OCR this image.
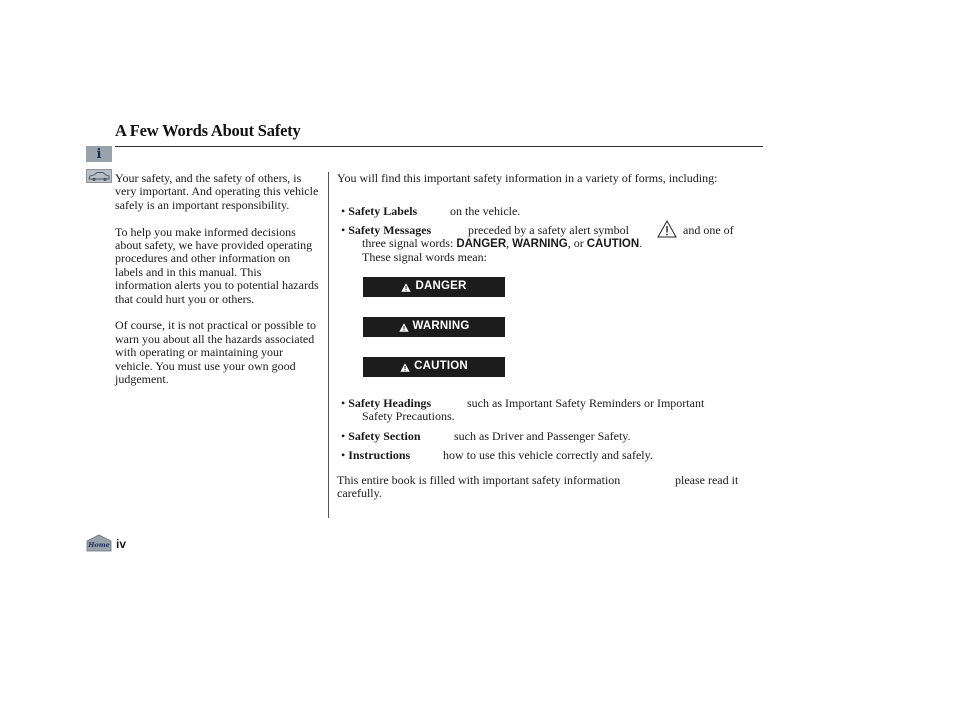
A Few Words About Safety
i

Your safety, and the safety of others, is very important. And operating this vehicle safely is an important responsibility.

To help you make informed decisions about safety, we have provided operating procedures and other information on labels and in this manual. This information alerts you to potential hazards that could hurt you or others.

Of course, it is not practical or possible to warn you about all the hazards associated with operating or maintaining your vehicle. You must use your own good judgement.

You will find this important safety information in a variety of forms, including:

• Safety Labels	on the vehicle.
• Safety Messages	preceded by a safety alert symbol	and one of
three signal words: DANGER, WARNING, or CAUTION.
These signal words mean:
DANGER
WARNING
CAUTION
• Safety Headings	such as Important Safety Reminders or Important
Safety Precautions.
• Safety Section	such as Driver and Passenger Safety.
• Instructions	how to use this vehicle correctly and safely.
This entire book is filled with important safety information	please read it
carefully.
Home iv
